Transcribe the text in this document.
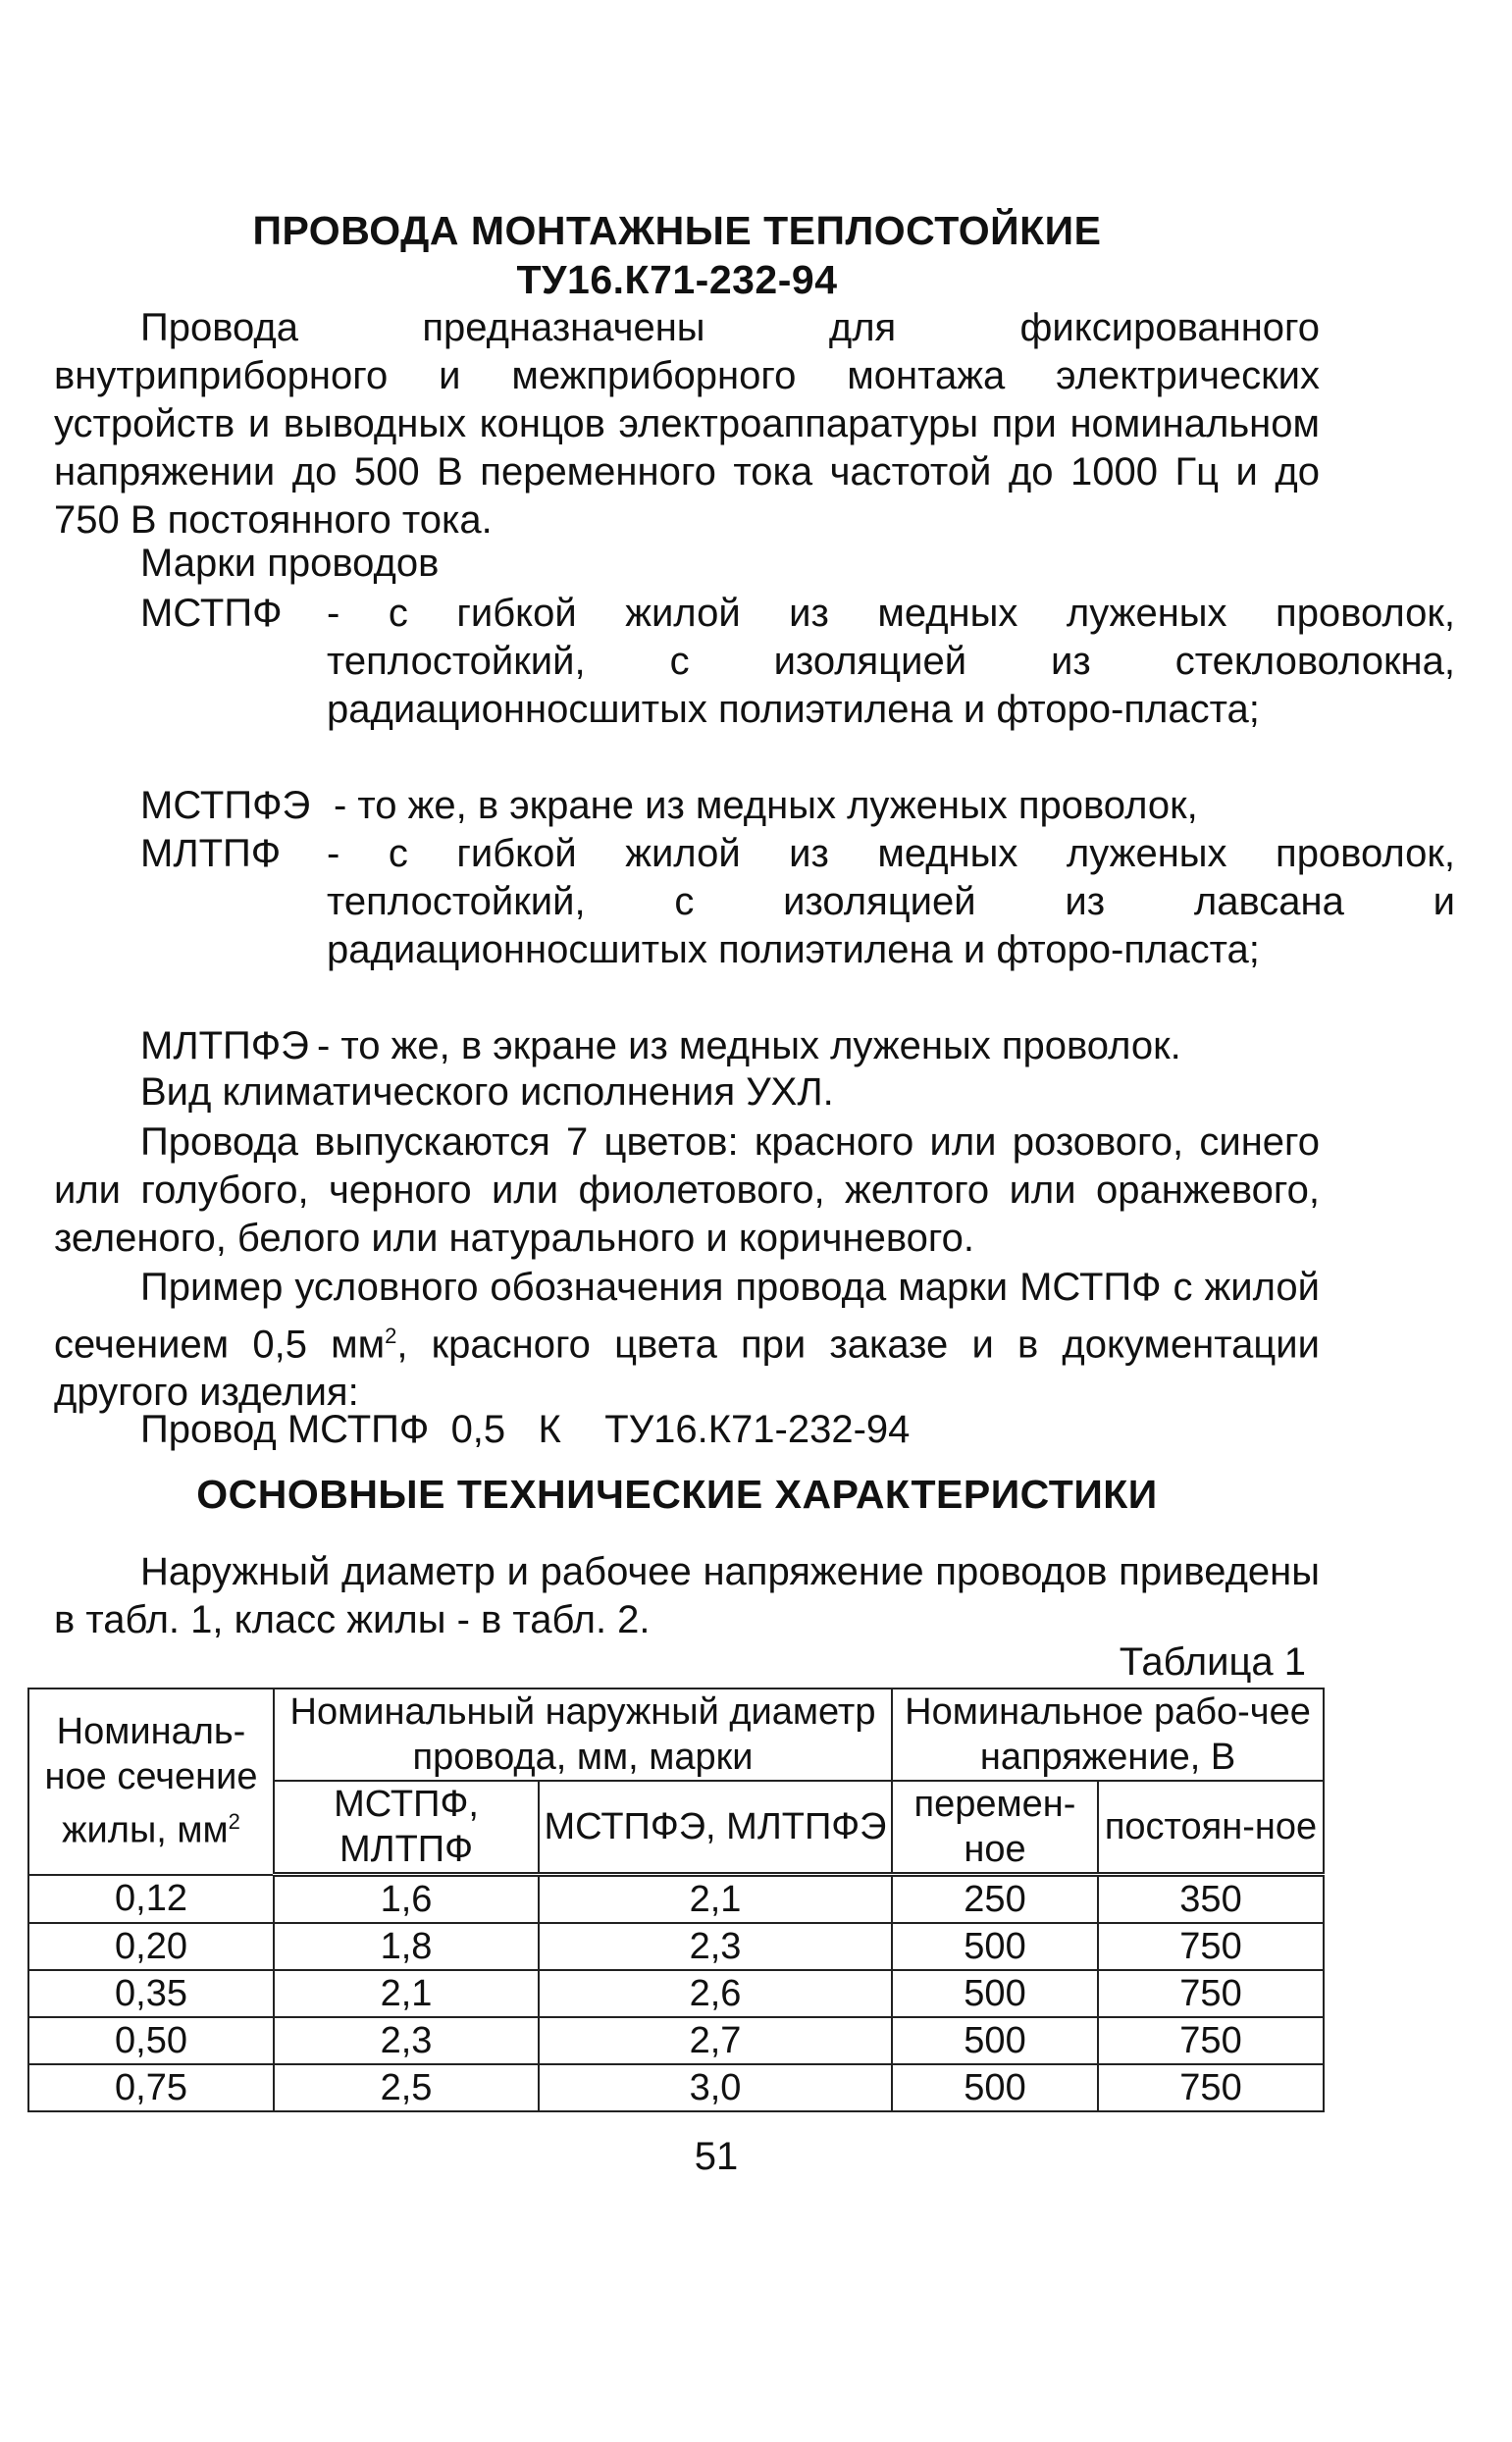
ПРОВОДА МОНТАЖНЫЕ ТЕПЛОСТОЙКИЕ
ТУ16.К71-232-94
Провода предназначены для фиксированного внутриприборного и межприборного монтажа электрических устройств и выводных концов электроаппаратуры при номинальном напряжении до 500 В переменного тока частотой до 1000 Гц и до 750 В постоянного тока.
Марки проводов
МСТПФ - с гибкой жилой из медных луженых проволок, теплостойкий, с изоляцией из стекловолокна, радиационносшитых полиэтилена и фторо-пласта;
МСТПФЭ - то же, в экране из медных луженых проволок,
МЛТПФ - с гибкой жилой из медных луженых проволок, теплостойкий, с изоляцией из лавсана и радиационносшитых полиэтилена и фторо-пласта;
МЛТПФЭ - то же, в экране из медных луженых проволок.
Вид климатического исполнения УХЛ.
Провода выпускаются 7 цветов: красного или розового, синего или голубого, черного или фиолетового, желтого или оранжевого, зеленого, белого или натурального и коричневого.
Пример условного обозначения провода марки МСТПФ с жилой сечением 0,5 $мм^2$, красного цвета при заказе и в документации другого изделия:
Провод МСТПФ  0,5   К    ТУ16.К71-232-94
ОСНОВНЫЕ ТЕХНИЧЕСКИЕ ХАРАКТЕРИСТИКИ
Наружный диаметр и рабочее напряжение проводов приведены в табл. 1, класс жилы - в табл. 2.
Таблица 1
Номиналь-ное сечение жилы, $мм^2$	Номинальный наружный диаметр провода, мм, марки		Номинальное рабо-чее напряжение, В	
	МСТПФ, МЛТПФ	МСТПФЭ, МЛТПФЭ	перемен-ное	постоян-ное
0,12	1,6	2,1	250	350
0,20	1,8	2,3	500	750
0,35	2,1	2,6	500	750
0,50	2,3	2,7	500	750
0,75	2,5	3,0	500	750
51
